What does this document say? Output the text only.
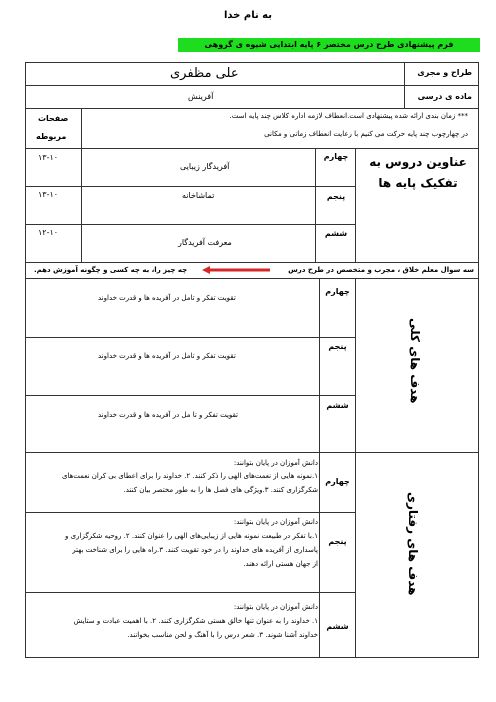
به نام خدا
فرم پیشنهادی طرح درس مختصر ۶ پایه ابتدایی شیوه ی گروهی
طراح و مجری
علی مظفری
ماده ی درسی
آفرینش
*** زمان بندی ارائه شده پیشنهادی است.انعطاف لازمه اداره کلاس چند پایه است.
در چهارچوب چند پایه حرکت می کنیم با رعایت انعطاف زمانی و مکانی
صفحات
مربوطه
عناوین دروس به تفکیک پایه ها
چهارم
آفریدگار زیبایی
۱۳-۱۰
پنجم
تماشاخانه
۱۳-۱۰
ششم
معرفت آفریدگار
۱۲-۱۰
سه سوال معلم خلاق ، مجرب و متخصص در طرح درس
چه چیز را، به چه کسی و چگونه آموزش دهم.
هدف های کلی
چهارم
تقویت تفکر و تامل در آفریده ها و قدرت خداوند
پنجم
تقویت تفکر و تامل در آفریده ها و قدرت خداوند
ششم
تقویت تفکر و تا مل در آفریده ها و قدرت خداوند
هدف های رفتاری
چهارم
دانش آموزان در پایان بتوانند:
۱.نمونه هایی از نعمت‌های الهی را ذکر کنند. ۲. خداوند را برای اعطای بی کران نعمت‌های
شکرگزاری کنند. ۳.ویژگی های فصل ها را به طور مختصر بیان کنند.
پنجم
دانش آموزان در پایان بتوانند:
۱.با تفکر در طبیعت نمونه هایی از زیبایی‌های الهی را عنوان کنند. ۲. روحیه شکرگزاری و
پاسداری از آفریده های خداوند را در خود تقویت کنند. ۳.راه هایی را برای شناخت بهتر
از جهان هستی ارائه دهند.
ششم
دانش آموزان در پایان بتوانند:
۱. خداوند را به عنوان تنها خالق هستی شکرگزاری کنند. ۲. با اهمیت عبادت و ستایش
خداوند آشنا شوند. ۳. شعر درس را با آهنگ و لحن مناسب بخوانند.
